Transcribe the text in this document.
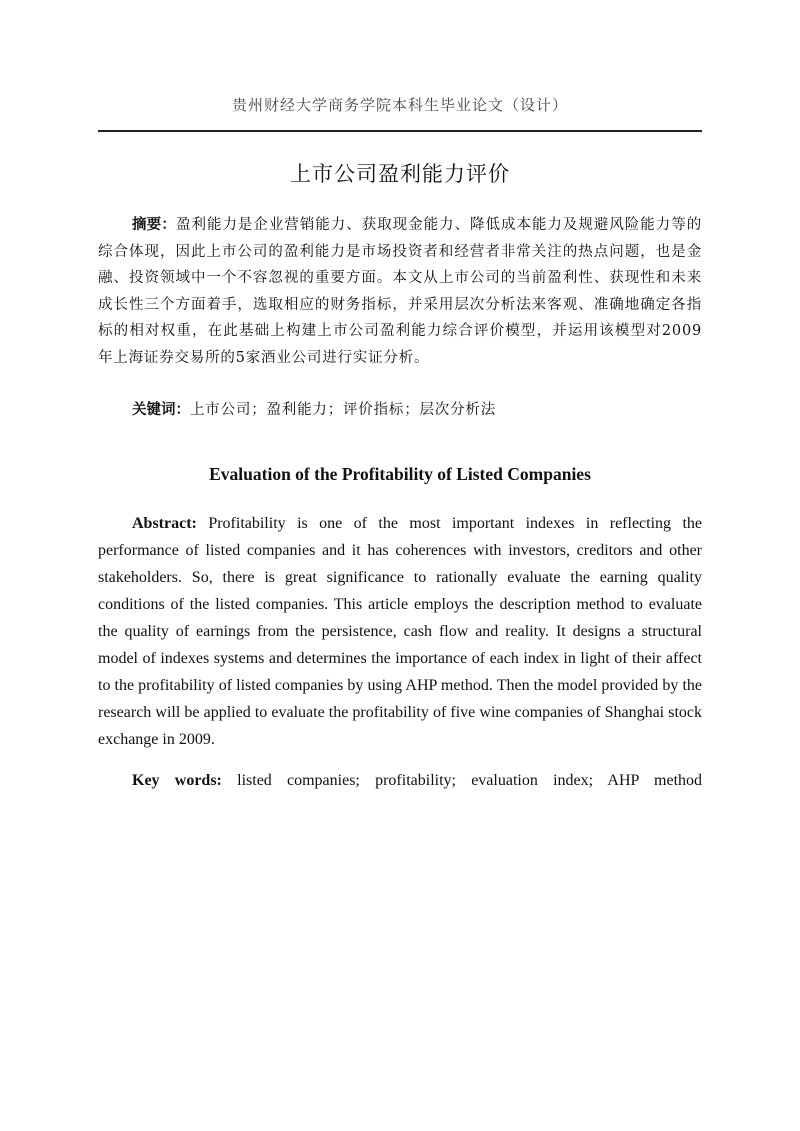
贵州财经大学商务学院本科生毕业论文（设计）
上市公司盈利能力评价
摘要：盈利能力是企业营销能力、获取现金能力、降低成本能力及规避风险能力等的综合体现，因此上市公司的盈利能力是市场投资者和经营者非常关注的热点问题，也是金融、投资领域中一个不容忽视的重要方面。本文从上市公司的当前盈利性、获现性和未来成长性三个方面着手，选取相应的财务指标，并采用层次分析法来客观、准确地确定各指标的相对权重，在此基础上构建上市公司盈利能力综合评价模型，并运用该模型对2009年上海证券交易所的5家酒业公司进行实证分析。
关键词：上市公司；盈利能力；评价指标；层次分析法
Evaluation of the Profitability of Listed Companies
Abstract: Profitability is one of the most important indexes in reflecting the performance of listed companies and it has coherences with investors, creditors and other stakeholders. So, there is great significance to rationally evaluate the earning quality conditions of the listed companies. This article employs the description method to evaluate the quality of earnings from the persistence, cash flow and reality. It designs a structural model of indexes systems and determines the importance of each index in light of their affect to the profitability of listed companies by using AHP method. Then the model provided by the research will be applied to evaluate the profitability of five wine companies of Shanghai stock exchange in 2009.
Key words: listed companies; profitability; evaluation index; AHP method
